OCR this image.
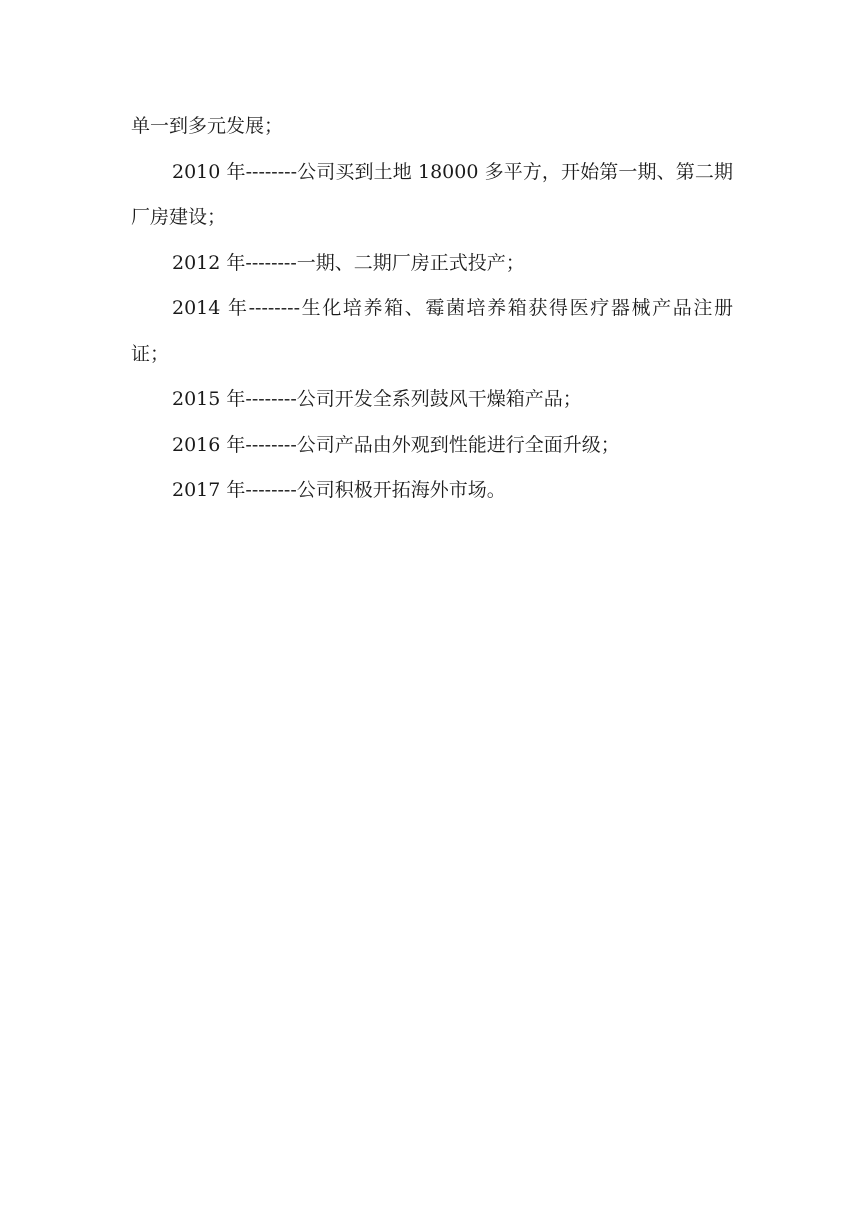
单一到多元发展；

2010 年--------公司买到土地 18000 多平方，开始第一期、第二期厂房建设；

2012 年--------一期、二期厂房正式投产；

2014 年--------生化培养箱、霉菌培养箱获得医疗器械产品注册证；

2015 年--------公司开发全系列鼓风干燥箱产品；

2016 年--------公司产品由外观到性能进行全面升级；

2017 年--------公司积极开拓海外市场。
